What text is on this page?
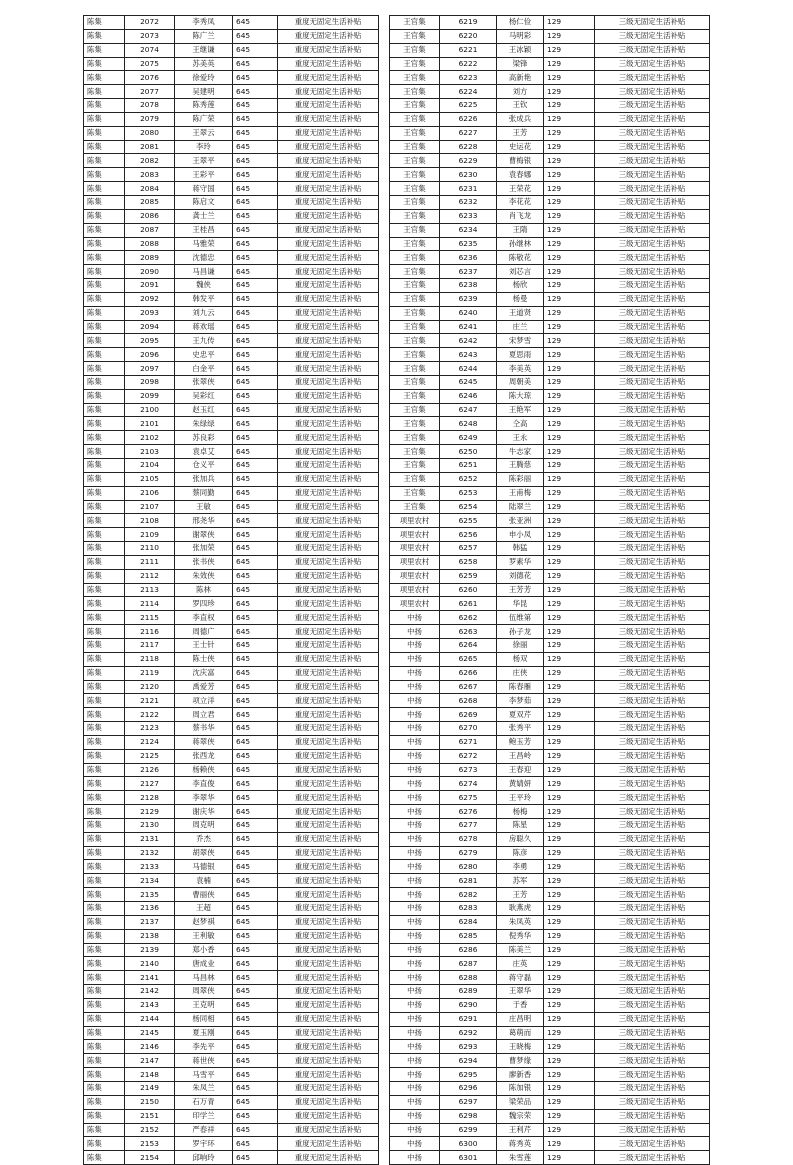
陈集	2072	李秀凤	645	重度无固定生活补贴
陈集	2073	陈广兰	645	重度无固定生活补贴
陈集	2074	王继谦	645	重度无固定生活补贴
陈集	2075	苏美英	645	重度无固定生活补贴
陈集	2076	徐爱玲	645	重度无固定生活补贴
陈集	2077	吴建明	645	重度无固定生活补贴
陈集	2078	陈秀莲	645	重度无固定生活补贴
陈集	2079	陈广荣	645	重度无固定生活补贴
陈集	2080	王翠云	645	重度无固定生活补贴
陈集	2081	李玲	645	重度无固定生活补贴
陈集	2082	王翠平	645	重度无固定生活补贴
陈集	2083	王彩平	645	重度无固定生活补贴
陈集	2084	蒋守国	645	重度无固定生活补贴
陈集	2085	陈启文	645	重度无固定生活补贴
陈集	2086	龚士兰	645	重度无固定生活补贴
陈集	2087	王桂昌	645	重度无固定生活补贴
陈集	2088	马雅荣	645	重度无固定生活补贴
陈集	2089	沈德忠	645	重度无固定生活补贴
陈集	2090	马昌谦	645	重度无固定生活补贴
陈集	2091	魏侠	645	重度无固定生活补贴
陈集	2092	韩发平	645	重度无固定生活补贴
陈集	2093	刘九云	645	重度无固定生活补贴
陈集	2094	蒋欢瑶	645	重度无固定生活补贴
陈集	2095	王九传	645	重度无固定生活补贴
陈集	2096	史忠平	645	重度无固定生活补贴
陈集	2097	白金平	645	重度无固定生活补贴
陈集	2098	张翠侠	645	重度无固定生活补贴
陈集	2099	吴彩红	645	重度无固定生活补贴
陈集	2100	赵玉红	645	重度无固定生活补贴
陈集	2101	朱绿绿	645	重度无固定生活补贴
陈集	2102	苏良彩	645	重度无固定生活补贴
陈集	2103	袁卓艾	645	重度无固定生活补贴
陈集	2104	仓义平	645	重度无固定生活补贴
陈集	2105	张加兵	645	重度无固定生活补贴
陈集	2106	蔡同勤	645	重度无固定生活补贴
陈集	2107	王敏	645	重度无固定生活补贴
陈集	2108	邢尧华	645	重度无固定生活补贴
陈集	2109	谢翠侠	645	重度无固定生活补贴
陈集	2110	张加荣	645	重度无固定生活补贴
陈集	2111	张书侠	645	重度无固定生活补贴
陈集	2112	朱效侠	645	重度无固定生活补贴
陈集	2113	陈林	645	重度无固定生活补贴
陈集	2114	罗四珍	645	重度无固定生活补贴
陈集	2115	李直权	645	重度无固定生活补贴
陈集	2116	周德广	645	重度无固定生活补贴
陈集	2117	王士针	645	重度无固定生活补贴
陈集	2118	陈士侠	645	重度无固定生活补贴
陈集	2119	沈庆富	645	重度无固定生活补贴
陈集	2120	禹爱芳	645	重度无固定生活补贴
陈集	2121	项立洋	645	重度无固定生活补贴
陈集	2122	周立君	645	重度无固定生活补贴
陈集	2123	蔡书华	645	重度无固定生活补贴
陈集	2124	蒋翠侠	645	重度无固定生活补贴
陈集	2125	张西龙	645	重度无固定生活补贴
陈集	2126	杨赖侠	645	重度无固定生活补贴
陈集	2127	李直俊	645	重度无固定生活补贴
陈集	2128	李翠华	645	重度无固定生活补贴
陈集	2129	谢庆华	645	重度无固定生活补贴
陈集	2130	周克明	645	重度无固定生活补贴
陈集	2131	乔杰	645	重度无固定生活补贴
陈集	2132	胡翠侠	645	重度无固定生活补贴
陈集	2133	马德银	645	重度无固定生活补贴
陈集	2134	袁楠	645	重度无固定生活补贴
陈集	2135	曹丽侠	645	重度无固定生活补贴
陈集	2136	王超	645	重度无固定生活补贴
陈集	2137	赵梦祺	645	重度无固定生活补贴
陈集	2138	王利敏	645	重度无固定生活补贴
陈集	2139	郑小香	645	重度无固定生活补贴
陈集	2140	唐成业	645	重度无固定生活补贴
陈集	2141	马昌林	645	重度无固定生活补贴
陈集	2142	周翠侠	645	重度无固定生活补贴
陈集	2143	王克明	645	重度无固定生活补贴
陈集	2144	杨同相	645	重度无固定生活补贴
陈集	2145	夏玉刚	645	重度无固定生活补贴
陈集	2146	李先平	645	重度无固定生活补贴
陈集	2147	蒋世侠	645	重度无固定生活补贴
陈集	2148	马雪平	645	重度无固定生活补贴
陈集	2149	朱凤兰	645	重度无固定生活补贴
陈集	2150	石万青	645	重度无固定生活补贴
陈集	2151	印学兰	645	重度无固定生活补贴
陈集	2152	严春祥	645	重度无固定生活补贴
陈集	2153	罗宇环	645	重度无固定生活补贴
陈集	2154	邱响玲	645	重度无固定生活补贴
王官集	6219	杨仁俭	129	三级无固定生活补贴
王官集	6220	马明彩	129	三级无固定生活补贴
王官集	6221	王冰颖	129	三级无固定生活补贴
王官集	6222	梁锋	129	三级无固定生活补贴
王官集	6223	高新艳	129	三级无固定生活补贴
王官集	6224	刘方	129	三级无固定生活补贴
王官集	6225	王钦	129	三级无固定生活补贴
王官集	6226	张成兵	129	三级无固定生活补贴
王官集	6227	王芳	129	三级无固定生活补贴
王官集	6228	史运花	129	三级无固定生活补贴
王官集	6229	曹梅银	129	三级无固定生活补贴
王官集	6230	袁春娜	129	三级无固定生活补贴
王官集	6231	王荣花	129	三级无固定生活补贴
王官集	6232	李花花	129	三级无固定生活补贴
王官集	6233	肖飞龙	129	三级无固定生活补贴
王官集	6234	王隋	129	三级无固定生活补贴
王官集	6235	孙继林	129	三级无固定生活补贴
王官集	6236	陈敬花	129	三级无固定生活补贴
王官集	6237	刘芯言	129	三级无固定生活补贴
王官集	6238	杨欣	129	三级无固定生活补贴
王官集	6239	杨曼	129	三级无固定生活补贴
王官集	6240	王道贤	129	三级无固定生活补贴
王官集	6241	庄兰	129	三级无固定生活补贴
王官集	6242	宋梦雪	129	三级无固定生活补贴
王官集	6243	夏思雨	129	三级无固定生活补贴
王官集	6244	李美英	129	三级无固定生活补贴
王官集	6245	周朝美	129	三级无固定生活补贴
王官集	6246	陈大琼	129	三级无固定生活补贴
王官集	6247	王艳军	129	三级无固定生活补贴
王官集	6248	仝高	129	三级无固定生活补贴
王官集	6249	王永	129	三级无固定生活补贴
王官集	6250	牛志家	129	三级无固定生活补贴
王官集	6251	王腾慈	129	三级无固定生活补贴
王官集	6252	陈彩丽	129	三级无固定生活补贴
王官集	6253	王甫梅	129	三级无固定生活补贴
王官集	6254	陆翠兰	129	三级无固定生活补贴
项里农村	6255	张亚洲	129	三级无固定生活补贴
项里农村	6256	申小凤	129	三级无固定生活补贴
项里农村	6257	韩猛	129	三级无固定生活补贴
项里农村	6258	罗素华	129	三级无固定生活补贴
项里农村	6259	刘德花	129	三级无固定生活补贴
项里农村	6260	王芳芳	129	三级无固定生活补贴
项里农村	6261	华昆	129	三级无固定生活补贴
中扬	6262	伍维第	129	三级无固定生活补贴
中扬	6263	孙子龙	129	三级无固定生活补贴
中扬	6264	徐丽	129	三级无固定生活补贴
中扬	6265	杨双	129	三级无固定生活补贴
中扬	6266	庄侠	129	三级无固定生活补贴
中扬	6267	陈春雁	129	三级无固定生活补贴
中扬	6268	李梦茹	129	三级无固定生活补贴
中扬	6269	夏双芹	129	三级无固定生活补贴
中扬	6270	张秀平	129	三级无固定生活补贴
中扬	6271	鲍玉芳	129	三级无固定生活补贴
中扬	6272	王昌岭	129	三级无固定生活补贴
中扬	6273	王春迎	129	三级无固定生活补贴
中扬	6274	黄婧妍	129	三级无固定生活补贴
中扬	6275	王平玲	129	三级无固定生活补贴
中扬	6276	杨梅	129	三级无固定生活补贴
中扬	6277	陈星	129	三级无固定生活补贴
中扬	6278	房聪久	129	三级无固定生活补贴
中扬	6279	陈彦	129	三级无固定生活补贴
中扬	6280	李勇	129	三级无固定生活补贴
中扬	6281	苏军	129	三级无固定生活补贴
中扬	6282	王芳	129	三级无固定生活补贴
中扬	6283	耿燕虎	129	三级无固定生活补贴
中扬	6284	朱凤英	129	三级无固定生活补贴
中扬	6285	倪秀华	129	三级无固定生活补贴
中扬	6286	陈美兰	129	三级无固定生活补贴
中扬	6287	庄英	129	三级无固定生活补贴
中扬	6288	蒋守磊	129	三级无固定生活补贴
中扬	6289	王翠华	129	三级无固定生活补贴
中扬	6290	于香	129	三级无固定生活补贴
中扬	6291	庄昌明	129	三级无固定生活补贴
中扬	6292	葛萌而	129	三级无固定生活补贴
中扬	6293	王晓梅	129	三级无固定生活补贴
中扬	6294	曹梦缘	129	三级无固定生活补贴
中扬	6295	廖新香	129	三级无固定生活补贴
中扬	6296	陈加银	129	三级无固定生活补贴
中扬	6297	梁荣品	129	三级无固定生活补贴
中扬	6298	魏宗荣	129	三级无固定生活补贴
中扬	6299	王利芹	129	三级无固定生活补贴
中扬	6300	蒋秀英	129	三级无固定生活补贴
中扬	6301	朱雪莲	129	三级无固定生活补贴
